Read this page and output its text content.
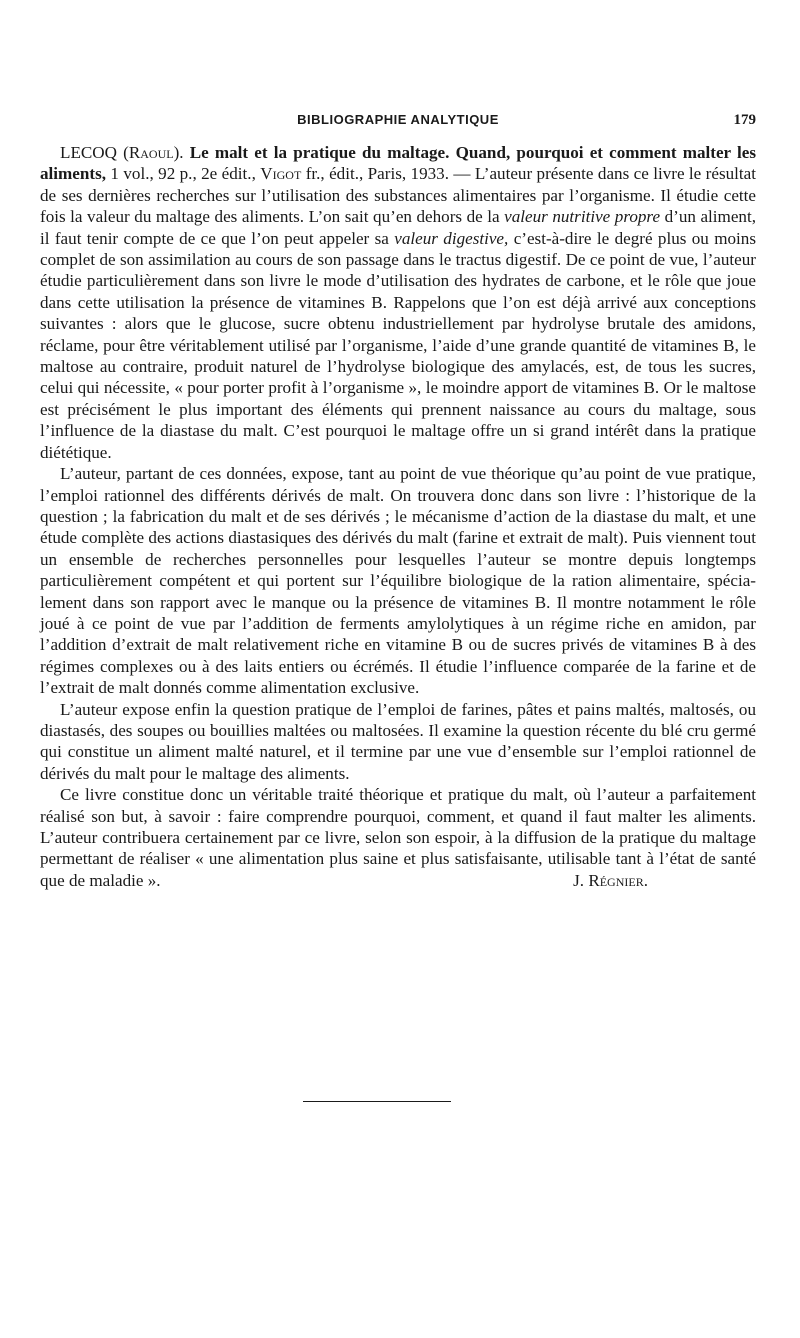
BIBLIOGRAPHIE ANALYTIQUE	179

LECOQ (Raoul). Le malt et la pratique du maltage. Quand, pourquoi et comment malter les aliments, 1 vol., 92 p., 2e édit., Vigot fr., édit., Paris, 1933. — L’auteur présente dans ce livre le résultat de ses dernières recherches sur l’utilisation des substances alimentaires par l’organisme. Il étudie cette fois la valeur du maltage des aliments. L’on sait qu’en dehors de la valeur nutritive propre d’un aliment, il faut tenir compte de ce que l’on peut appeler sa valeur digestive, c’est-à-dire le degré plus ou moins complet de son assimilation au cours de son passage dans le tractus digestif. De ce point de vue, l’auteur étudie particulièrement dans son livre le mode d’utilisation des hydrates de carbone, et le rôle que joue dans cette utilisation la présence de vitamines B. Rappelons que l’on est déjà arrivé aux conceptions suivantes : alors que le glucose, sucre obtenu industriellement par hydrolyse brutale des amidons, réclame, pour être véritablement utilisé par l’organisme, l’aide d’une grande quantité de vitamines B, le maltose au contraire, produit naturel de l’hydrolyse biologique des amylacés, est, de tous les sucres, celui qui nécessite, « pour porter profit à l’organisme », le moindre apport de vitamines B. Or le maltose est précisément le plus important des éléments qui prennent naissance au cours du maltage, sous l’influence de la diastase du malt. C’est pourquoi le maltage offre un si grand intérêt dans la pratique diététique.

L’auteur, partant de ces données, expose, tant au point de vue théorique qu’au point de vue pratique, l’emploi rationnel des différents dérivés de malt. On trouvera donc dans son livre : l’historique de la question ; la fabrication du malt et de ses dérivés ; le mécanisme d’action de la diastase du malt, et une étude complète des actions diastasiques des dérivés du malt (farine et extrait de malt). Puis viennent tout un ensemble de recherches personnelles pour lesquelles l’auteur se montre depuis longtemps particulièrement compétent et qui portent sur l’équilibre biologique de la ration alimentaire, spécialement dans son rapport avec le manque ou la présence de vitamines B. Il montre notamment le rôle joué à ce point de vue par l’addition de ferments amylolytiques à un régime riche en amidon, par l’addition d’extrait de malt relativement riche en vitamine B ou de sucres privés de vitamines B à des régimes complexes ou à des laits entiers ou écrémés. Il étudie l’influence comparée de la farine et de l’extrait de malt donnés comme alimentation exclusive.

L’auteur expose enfin la question pratique de l’emploi de farines, pâtes et pains maltés, maltosés, ou diastasés, des soupes ou bouillies maltées ou maltosées. Il examine la question récente du blé cru germé qui constitue un aliment malté naturel, et il termine par une vue d’ensemble sur l’emploi rationnel de dérivés du malt pour le maltage des aliments.

Ce livre constitue donc un véritable traité théorique et pratique du malt, où l’auteur a parfaitement réalisé son but, à savoir : faire comprendre pourquoi, comment, et quand il faut malter les aliments. L’auteur contribuera certainement par ce livre, selon son espoir, à la diffusion de la pratique du maltage permettant de réaliser « une alimentation plus saine et plus satisfaisante, utilisable tant à l’état de santé que de maladie ».	J. Régnier.
